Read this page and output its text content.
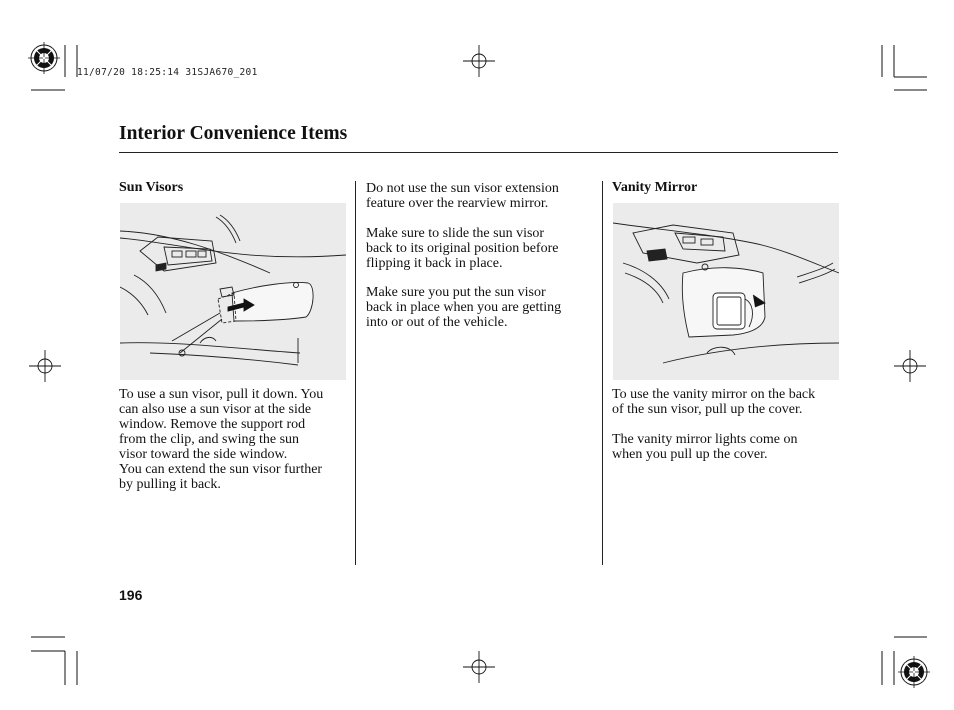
11/07/20 18:25:14 31SJA670_201
Interior Convenience Items
Sun Visors
To use a sun visor, pull it down. You
can also use a sun visor at the side
window. Remove the support rod
from the clip, and swing the sun
visor toward the side window.
You can extend the sun visor further
by pulling it back.
Do not use the sun visor extension
feature over the rearview mirror.
Make sure to slide the sun visor
back to its original position before
flipping it back in place.
Make sure you put the sun visor
back in place when you are getting
into or out of the vehicle.
Vanity Mirror
To use the vanity mirror on the back
of the sun visor, pull up the cover.
The vanity mirror lights come on
when you pull up the cover.
196
